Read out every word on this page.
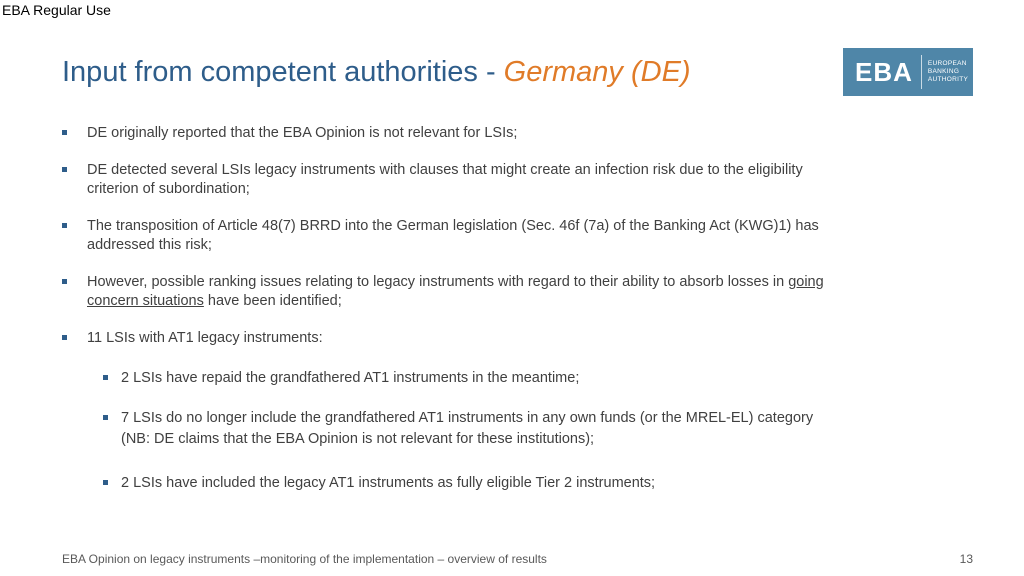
EBA Regular Use
Input from competent authorities - Germany (DE)	EBA EUROPEAN
BANKING
AUTHORITY
DE originally reported that the EBA Opinion is not relevant for LSIs;
DE detected several LSIs legacy instruments with clauses that might create an infection risk due to the eligibility criterion of subordination;
The transposition of Article 48(7) BRRD into the German legislation (Sec. 46f (7a) of the Banking Act (KWG)1) has addressed this risk;
However, possible ranking issues relating to legacy instruments with regard to their ability to absorb losses in going concern situations have been identified;
11 LSIs with AT1 legacy instruments:
2 LSIs have repaid the grandfathered AT1 instruments in the meantime;
7 LSIs do no longer include the grandfathered AT1 instruments in any own funds (or the MREL-EL) category (NB: DE claims that the EBA Opinion is not relevant for these institutions);
2 LSIs have included the legacy AT1 instruments as fully eligible Tier 2 instruments;
EBA Opinion on legacy instruments –monitoring of the implementation – overview of results	13
